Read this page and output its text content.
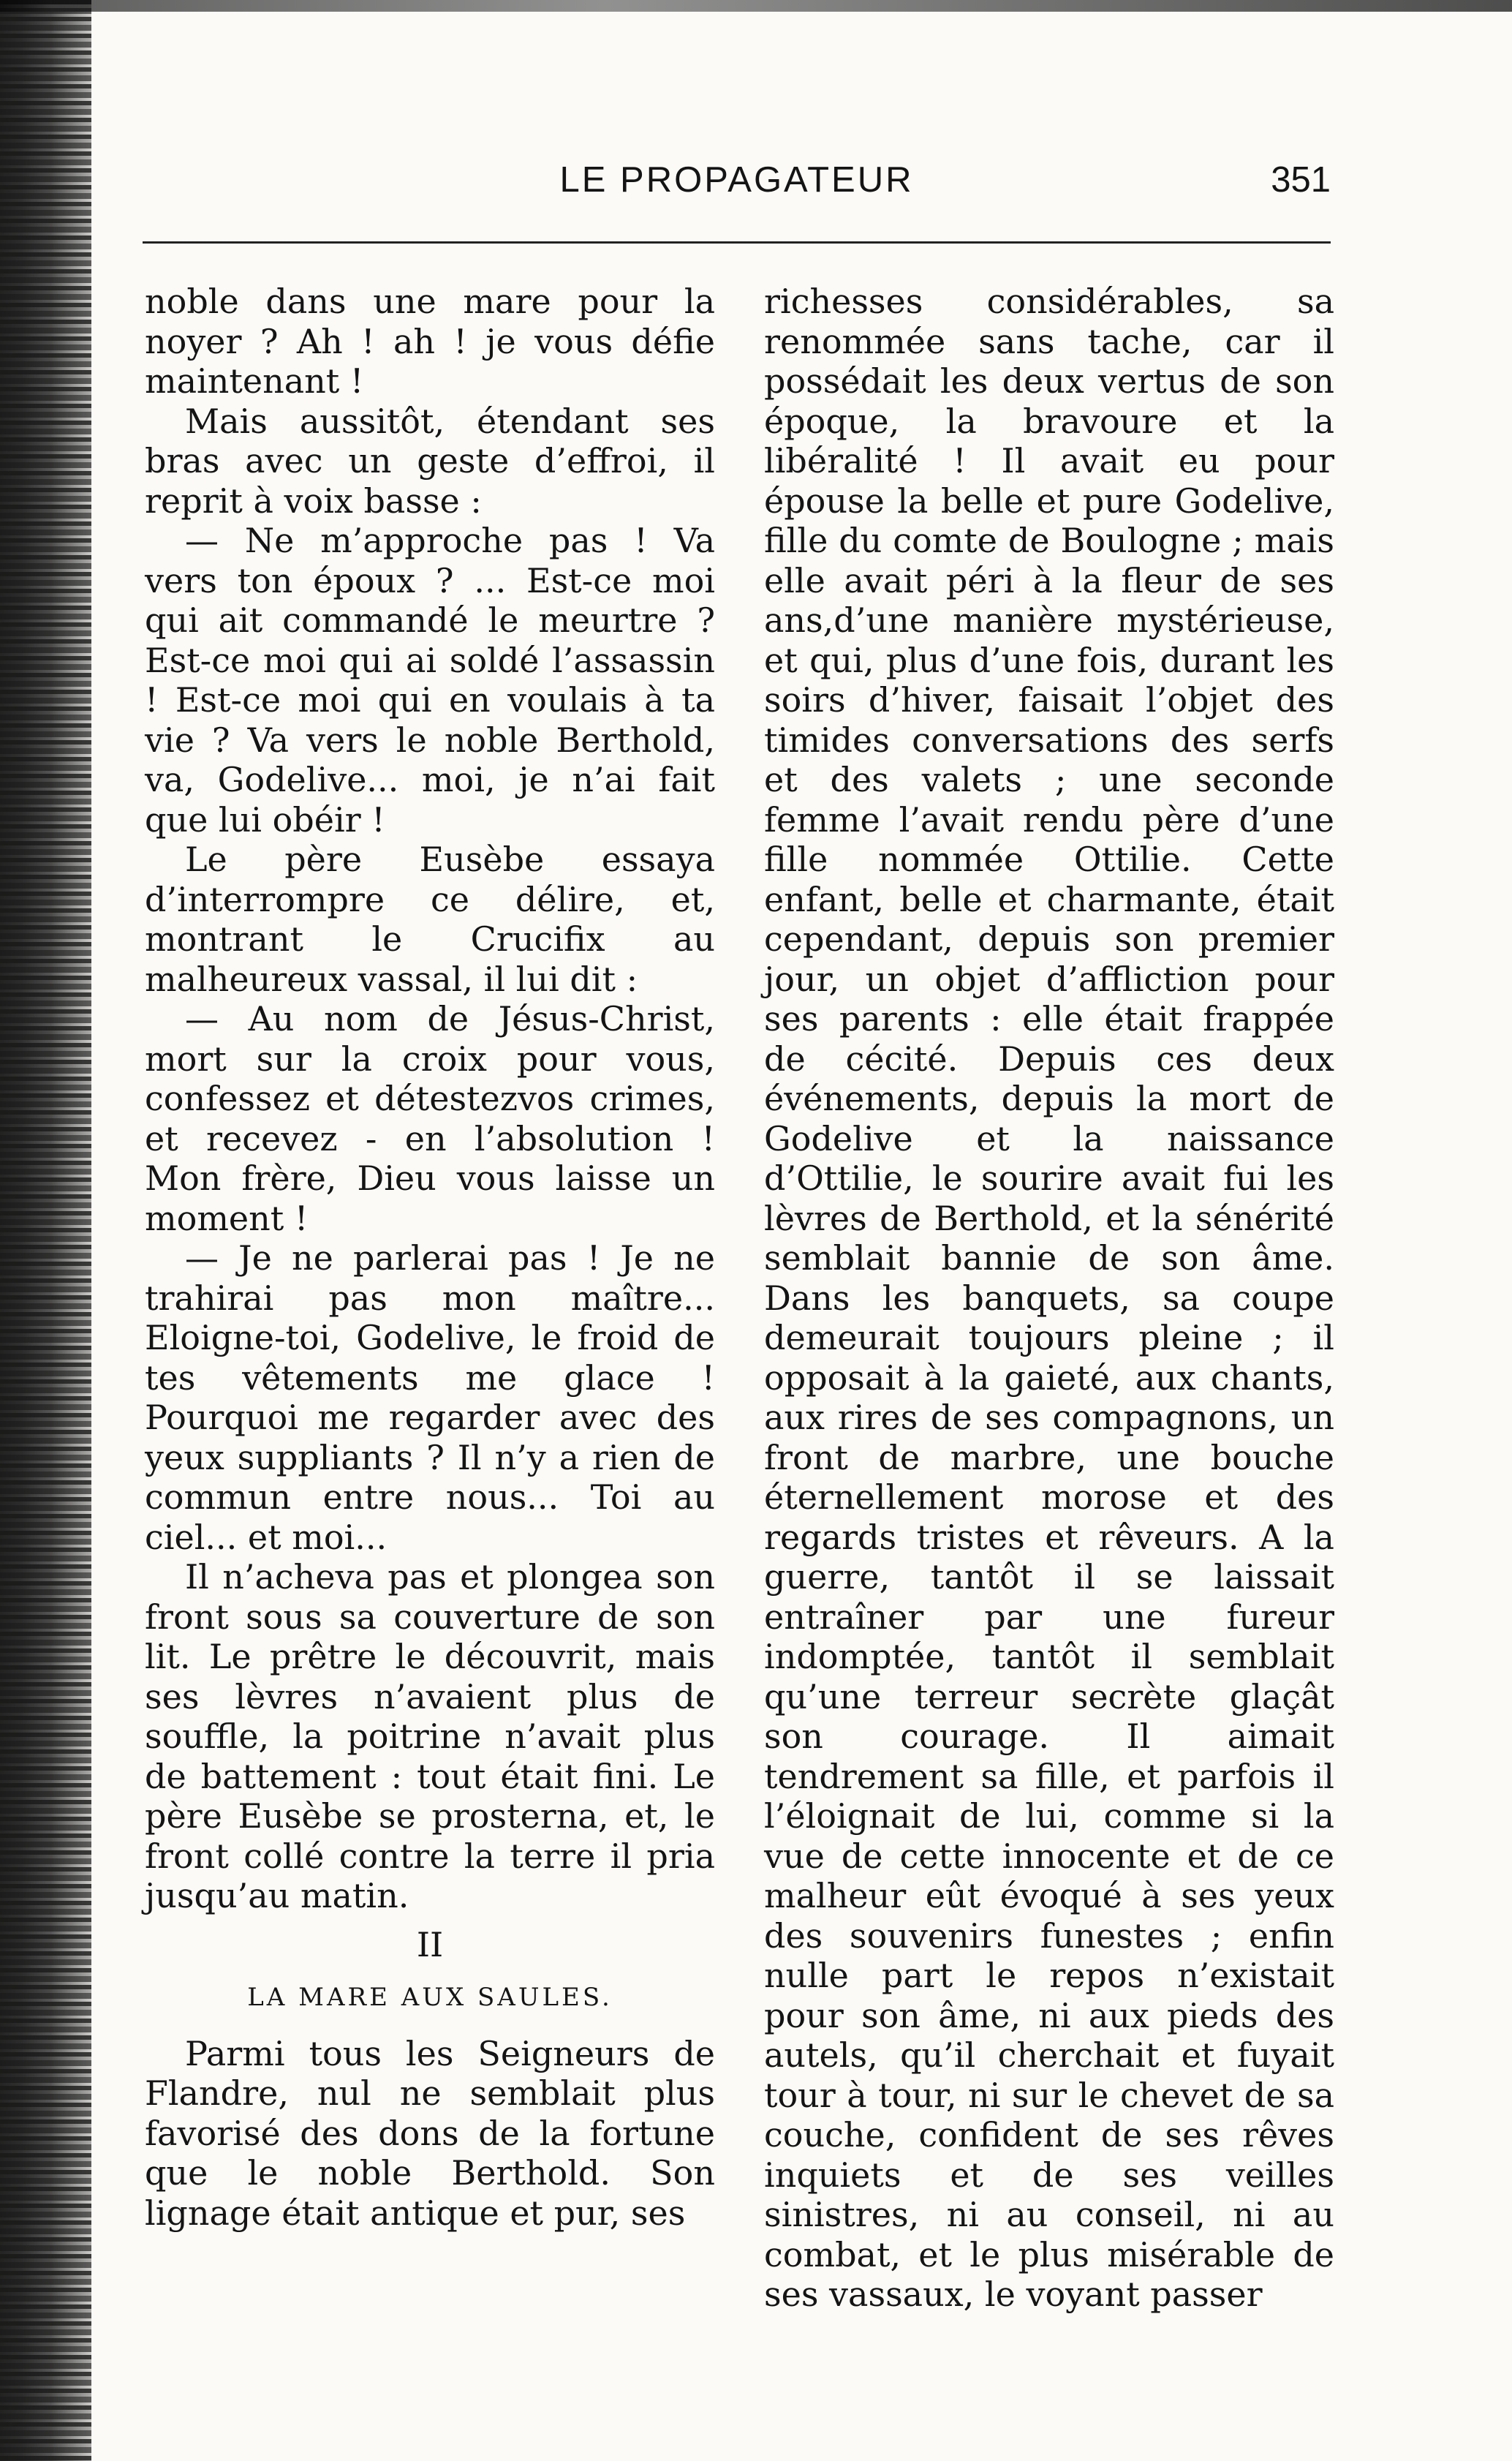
LE PROPAGATEUR	351

noble dans une mare pour la noyer ? Ah ! ah ! je vous défie maintenant !

Mais aussitôt, étendant ses bras avec un geste d’effroi, il reprit à voix basse :

— Ne m’approche pas ! Va vers ton époux ? ... Est-ce moi qui ait commandé le meurtre ? Est-ce moi qui ai soldé l’assassin ! Est-ce moi qui en voulais à ta vie ? Va vers le noble Berthold, va, Godelive... moi, je n’ai fait que lui obéir !

Le père Eusèbe essaya d’interrompre ce délire, et, montrant le Crucifix au malheureux vassal, il lui dit :

— Au nom de Jésus-Christ, mort sur la croix pour vous, confessez et détestezvos crimes, et recevez - en l’absolution ! Mon frère, Dieu vous laisse un moment !

— Je ne parlerai pas ! Je ne trahirai pas mon maître... Eloigne-toi, Godelive, le froid de tes vêtements me glace ! Pourquoi me regarder avec des yeux suppliants ? Il n’y a rien de commun entre nous... Toi au ciel... et moi...

Il n’acheva pas et plongea son front sous sa couverture de son lit. Le prêtre le découvrit, mais ses lèvres n’avaient plus de souffle, la poitrine n’avait plus de battement : tout était fini. Le père Eusèbe se prosterna, et, le front collé contre la terre il pria jusqu’au matin.

II

LA MARE AUX SAULES.

Parmi tous les Seigneurs de Flandre, nul ne semblait plus favorisé des dons de la fortune que le noble Berthold. Son lignage était antique et pur, ses

richesses considérables, sa renommée sans tache, car il possédait les deux vertus de son époque, la bravoure et la libéralité ! Il avait eu pour épouse la belle et pure Godelive, fille du comte de Boulogne ; mais elle avait péri à la fleur de ses ans,d’une manière mystérieuse, et qui, plus d’une fois, durant les soirs d’hiver, faisait l’objet des timides conversations des serfs et des valets ; une seconde femme l’avait rendu père d’une fille nommée Ottilie. Cette enfant, belle et charmante, était cependant, depuis son premier jour, un objet d’affliction pour ses parents : elle était frappée de cécité. Depuis ces deux événements, depuis la mort de Godelive et la naissance d’Ottilie, le sourire avait fui les lèvres de Berthold, et la sénérité semblait bannie de son âme. Dans les banquets, sa coupe demeurait toujours pleine ; il opposait à la gaieté, aux chants, aux rires de ses compagnons, un front de marbre, une bouche éternellement morose et des regards tristes et rêveurs. A la guerre, tantôt il se laissait entraîner par une fureur indomptée, tantôt il semblait qu’une terreur secrète glaçât son courage. Il aimait tendrement sa fille, et parfois il l’éloignait de lui, comme si la vue de cette innocente et de ce malheur eût évoqué à ses yeux des souvenirs funestes ; enfin nulle part le repos n’existait pour son âme, ni aux pieds des autels, qu’il cherchait et fuyait tour à tour, ni sur le chevet de sa couche, confident de ses rêves inquiets et de ses veilles sinistres, ni au conseil, ni au combat, et le plus misérable de ses vassaux, le voyant passer
